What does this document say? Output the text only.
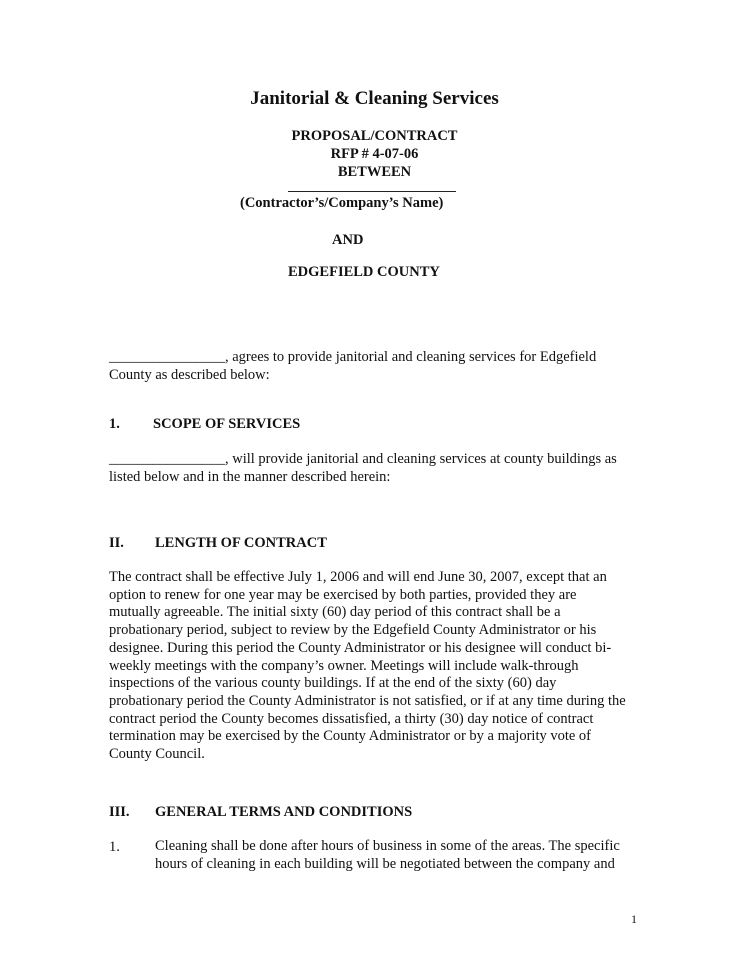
Janitorial & Cleaning Services
PROPOSAL/CONTRACT
RFP # 4-07-06
BETWEEN
(Contractor’s/Company’s Name)
AND
EDGEFIELD COUNTY
________________, agrees to provide janitorial and cleaning services for Edgefield
County as described below:
1. SCOPE OF SERVICES
________________, will provide janitorial and cleaning services at county buildings as
listed below and in the manner described herein:
II. LENGTH OF CONTRACT
The contract shall be effective July 1, 2006 and will end June 30, 2007, except that an
option to renew for one year may be exercised by both parties, provided they are
mutually agreeable. The initial sixty (60) day period of this contract shall be a
probationary period, subject to review by the Edgefield County Administrator or his
designee. During this period the County Administrator or his designee will conduct bi-
weekly meetings with the company’s owner. Meetings will include walk-through
inspections of the various county buildings. If at the end of the sixty (60) day
probationary period the County Administrator is not satisfied, or if at any time during the
contract period the County becomes dissatisfied, a thirty (30) day notice of contract
termination may be exercised by the County Administrator or by a majority vote of
County Council.
III. GENERAL TERMS AND CONDITIONS
1. Cleaning shall be done after hours of business in some of the areas. The specific
hours of cleaning in each building will be negotiated between the company and
1
